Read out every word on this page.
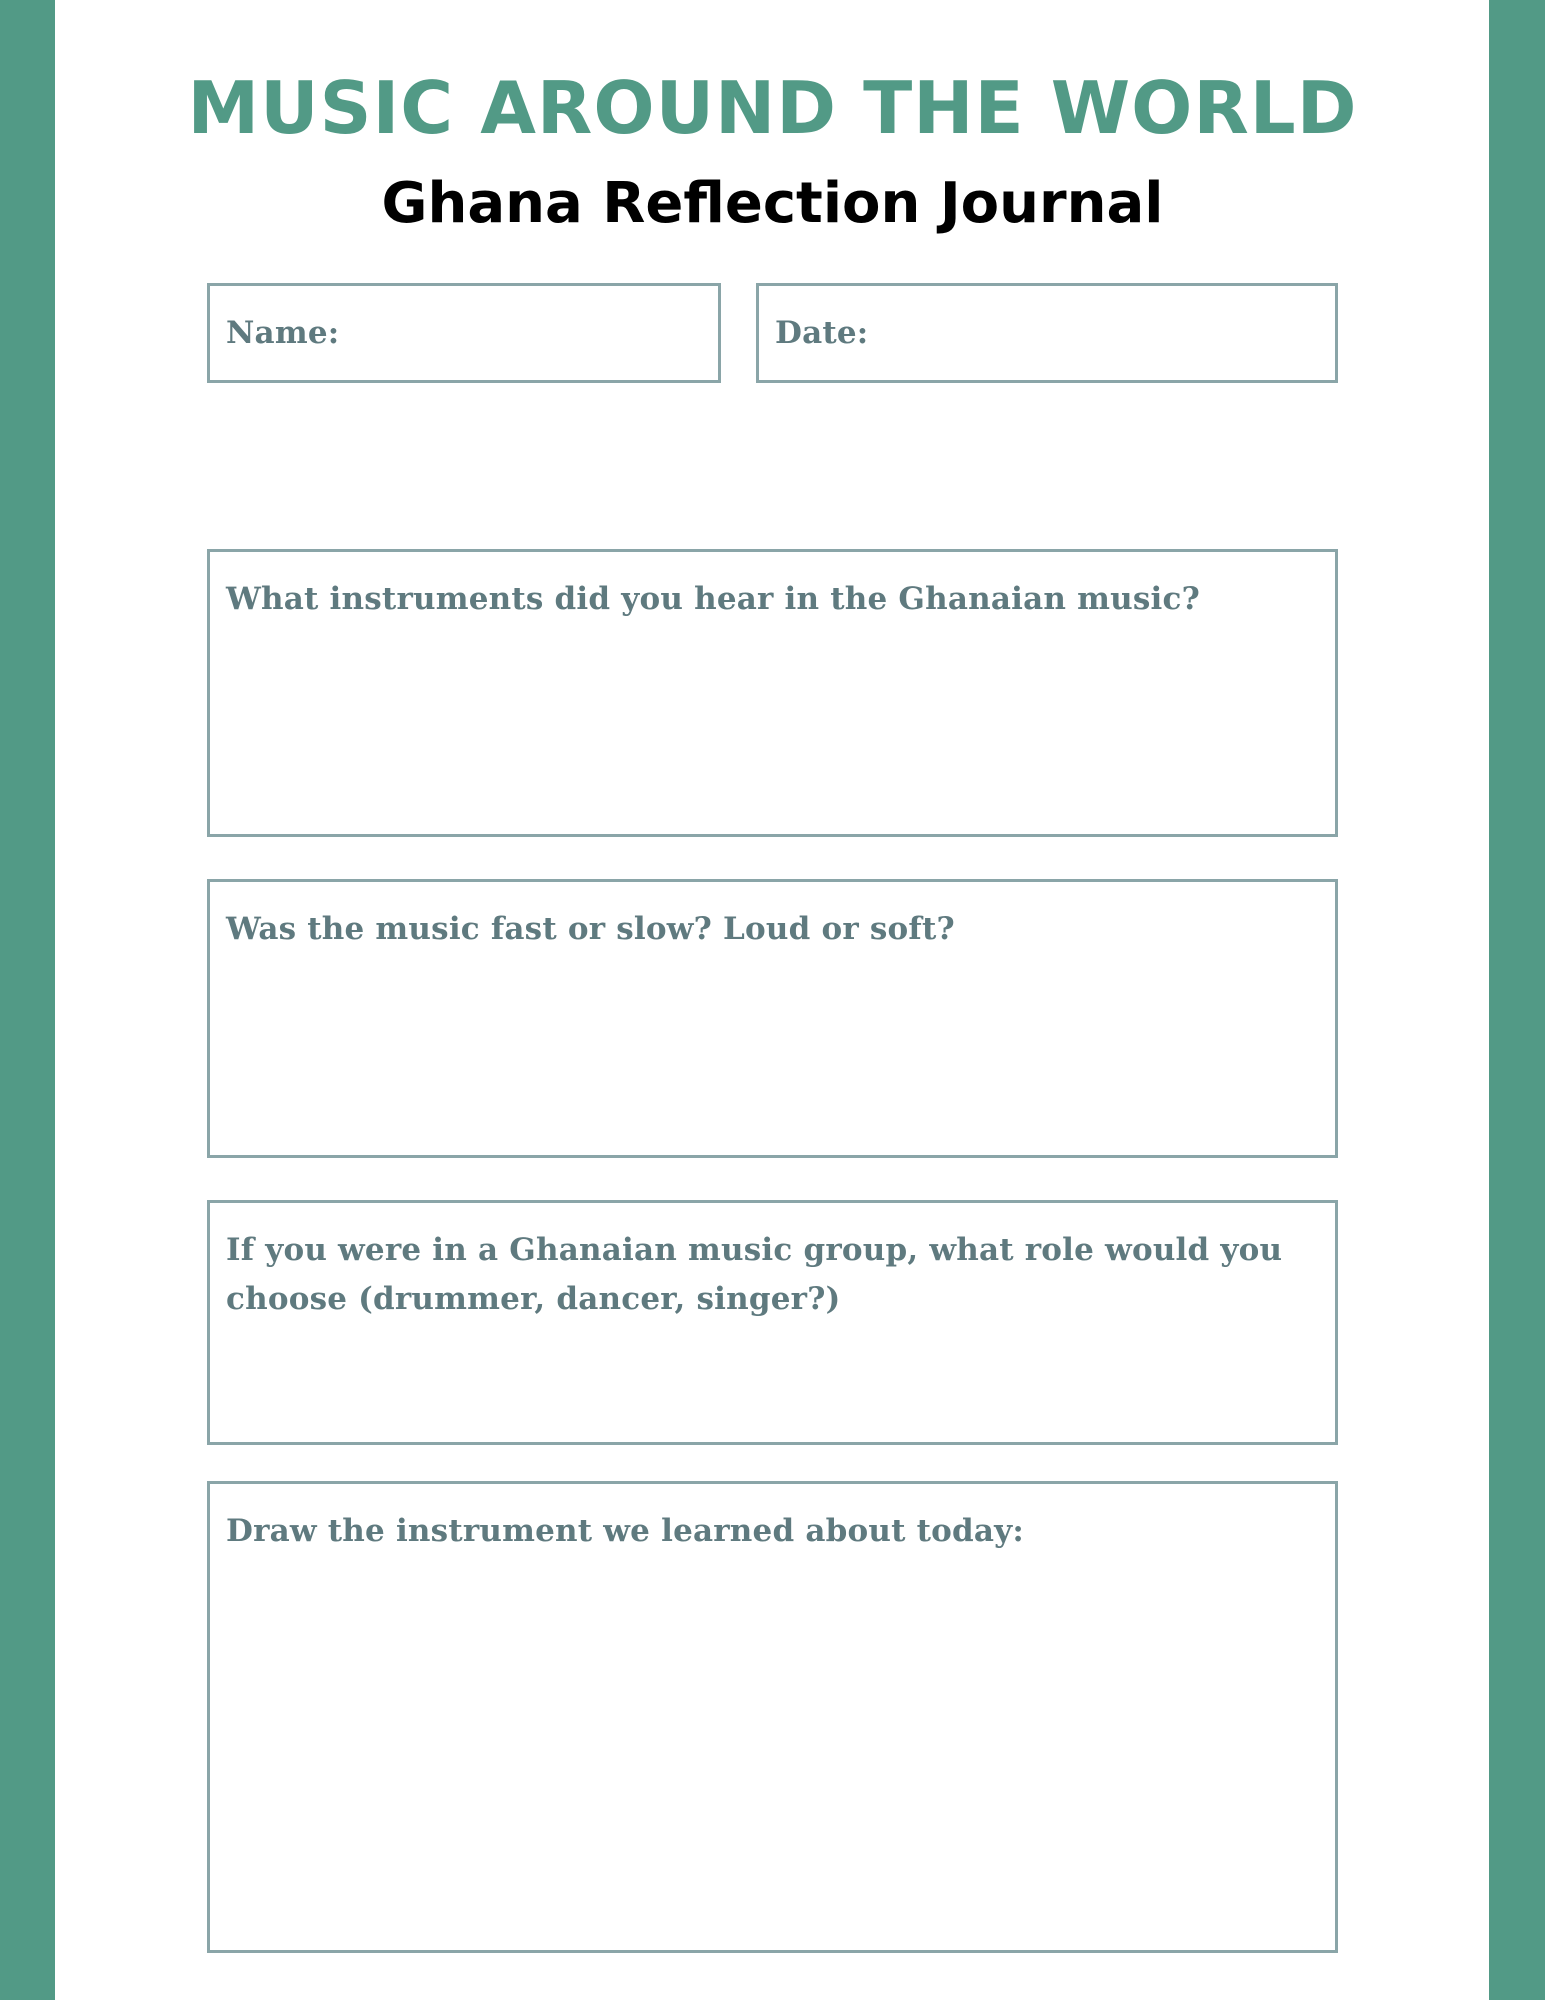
MUSIC AROUND THE WORLD
Ghana Reflection Journal
Name:	Date:
What instruments did you hear in the Ghanaian music?
Was the music fast or slow? Loud or soft?
If you were in a Ghanaian music group, what role would you choose (drummer, dancer, singer?)
Draw the instrument we learned about today:
